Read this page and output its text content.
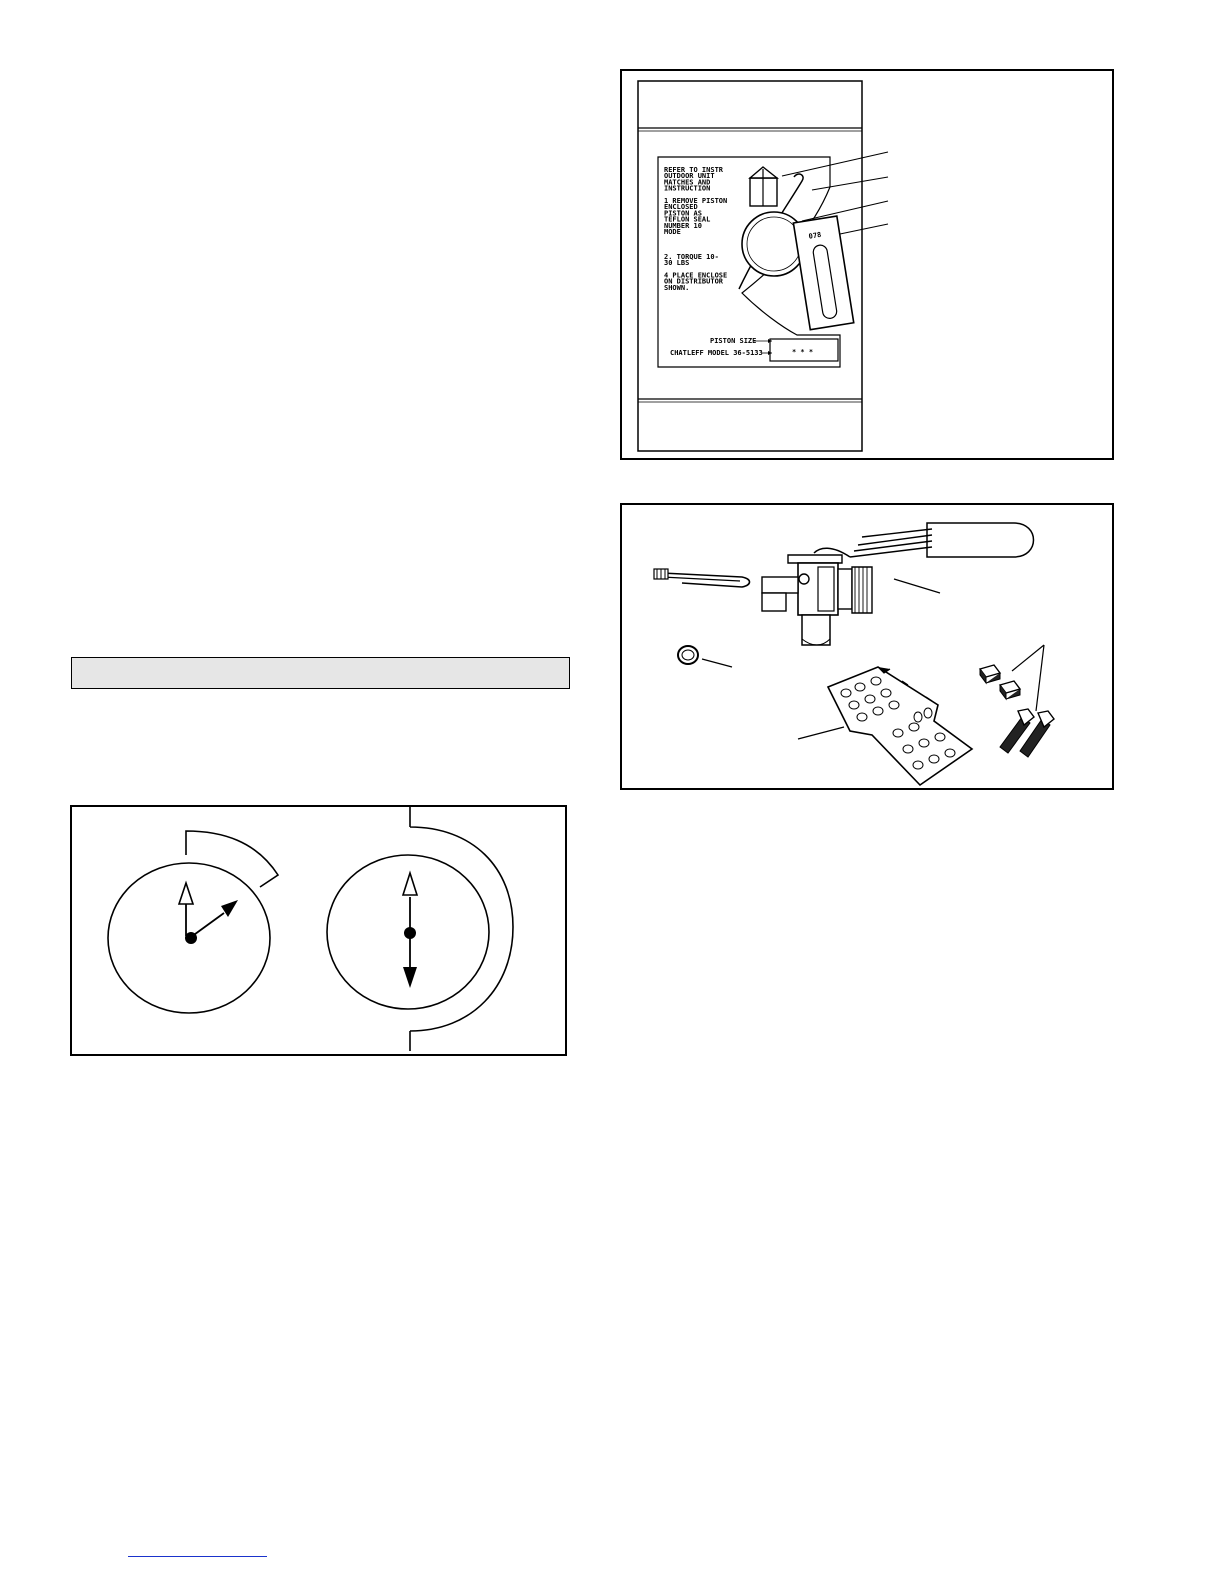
078
REFER TO INSTR
OUTDOOR UNIT
MATCHES AND
INSTRUCTION
1 REMOVE PISTON
ENCLOSED
PISTON AS
TEFLON SEAL
NUMBER 10
MODE
2. TORQUE 10-
30 LBS
4 PLACE ENCLOSE
ON DISTRIBUTOR
SHOWN.
* * *
PISTON SIZE
CHATLEFF MODEL 36-5133
